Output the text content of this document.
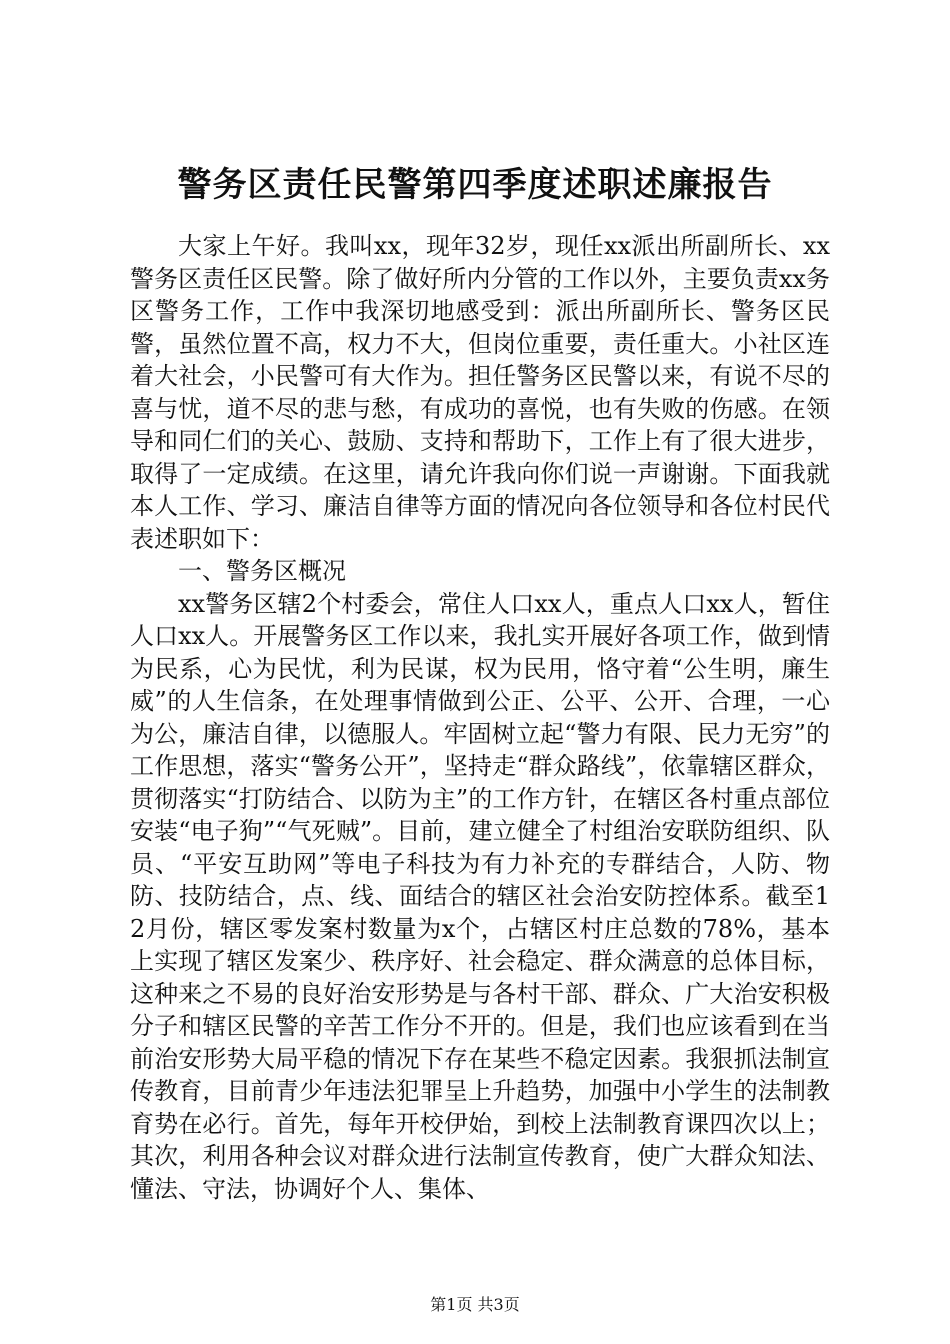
警务区责任民警第四季度述职述廉报告

大家上午好。我叫xx，现年32岁，现任xx派出所副所长、xx警务区责任区民警。除了做好所内分管的工作以外，主要负责xx务区警务工作，工作中我深切地感受到：派出所副所长、警务区民警，虽然位置不高，权力不大，但岗位重要，责任重大。小社区连着大社会，小民警可有大作为。担任警务区民警以来，有说不尽的喜与忧，道不尽的悲与愁，有成功的喜悦，也有失败的伤感。在领导和同仁们的关心、鼓励、支持和帮助下，工作上有了很大进步，取得了一定成绩。在这里，请允许我向你们说一声谢谢。下面我就本人工作、学习、廉洁自律等方面的情况向各位领导和各位村民代表述职如下：

一、警务区概况

xx警务区辖2个村委会，常住人口xx人，重点人口xx人，暂住人口xx人。开展警务区工作以来，我扎实开展好各项工作，做到情为民系，心为民忧，利为民谋，权为民用，恪守着“公生明，廉生威”的人生信条，在处理事情做到公正、公平、公开、合理，一心为公，廉洁自律，以德服人。牢固树立起“警力有限、民力无穷”的工作思想，落实“警务公开”，坚持走“群众路线”，依靠辖区群众，贯彻落实“打防结合、以防为主”的工作方针，在辖区各村重点部位安装“电子狗”“气死贼”。目前，建立健全了村组治安联防组织、队员、“平安互助网”等电子科技为有力补充的专群结合，人防、物防、技防结合，点、线、面结合的辖区社会治安防控体系。截至12月份，辖区零发案村数量为x个，占辖区村庄总数的78%，基本上实现了辖区发案少、秩序好、社会稳定、群众满意的总体目标，这种来之不易的良好治安形势是与各村干部、群众、广大治安积极分子和辖区民警的辛苦工作分不开的。但是，我们也应该看到在当前治安形势大局平稳的情况下存在某些不稳定因素。我狠抓法制宣传教育，目前青少年违法犯罪呈上升趋势，加强中小学生的法制教育势在必行。首先，每年开校伊始，到校上法制教育课四次以上；其次，利用各种会议对群众进行法制宣传教育，使广大群众知法、懂法、守法，协调好个人、集体、

第1页 共3页
